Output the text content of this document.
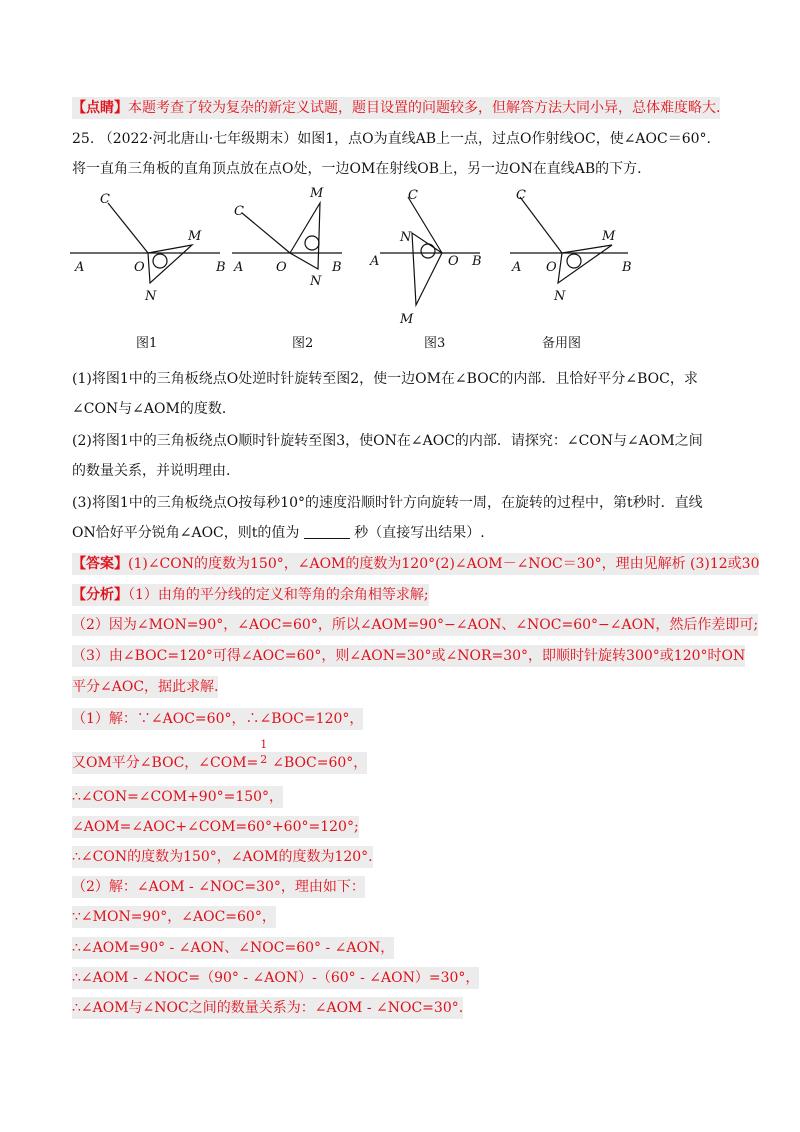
【点睛】本题考查了较为复杂的新定义试题，题目设置的问题较多，但解答方法大同小异，总体难度略大.
25. （2022·河北唐山·七年级期末）如图1，点O为直线AB上一点，过点O作射线OC，使∠AOC＝60°.
将一直角三角板的直角顶点放在点O处，一边OM在射线OB上，另一边ON在直线AB的下方.
A	B
C
O
M
N
图1
A	B
C
O
M
N
图2
A	B
C
O
M
N
图3
A	B
C
O
M
N
备用图
(1)将图1中的三角板绕点O处逆时针旋转至图2，使一边OM在∠BOC的内部．且恰好平分∠BOC，求
∠CON与∠AOM的度数．
(2)将图1中的三角板绕点O顺时针旋转至图3，使ON在∠AOC的内部．请探究：∠CON与∠AOM之间
的数量关系，并说明理由.
(3)将图1中的三角板绕点O按每秒10°的速度沿顺时针方向旋转一周，在旋转的过程中，第t秒时．直线
ON恰好平分锐角∠AOC，则t的值为	秒（直接写出结果）.
【答案】(1)∠CON的度数为150°，∠AOM的度数为120°(2)∠AOM－∠NOC＝30°，理由见解析 (3)12或30
【分析】（1）由角的平分线的定义和等角的余角相等求解;
（2）因为∠MON=90°，∠AOC=60°，所以∠AOM=90°−∠AON、∠NOC=60°−∠AON，然后作差即可;
（3）由∠BOC=120°可得∠AOC=60°，则∠AON=30°或∠NOR=30°，即顺时针旋转300°或120°时ON
平分∠AOC，据此求解.
（1）解：∵∠AOC=60°，∴∠BOC=120°，
又OM平分∠BOC，∠COM=
1
2 ∠BOC=60°，
∴∠CON=∠COM+90°=150°，
∠AOM=∠AOC+∠COM=60°+60°=120°;
∴∠CON的度数为150°，∠AOM的度数为120°.
（2）解：∠AOM - ∠NOC=30°，理由如下：
∵∠MON=90°，∠AOC=60°，
∴∠AOM=90° - ∠AON、∠NOC=60° - ∠AON，
∴∠AOM - ∠NOC=（90° - ∠AON）-（60° - ∠AON）=30°，
∴∠AOM与∠NOC之间的数量关系为：∠AOM - ∠NOC=30°.
